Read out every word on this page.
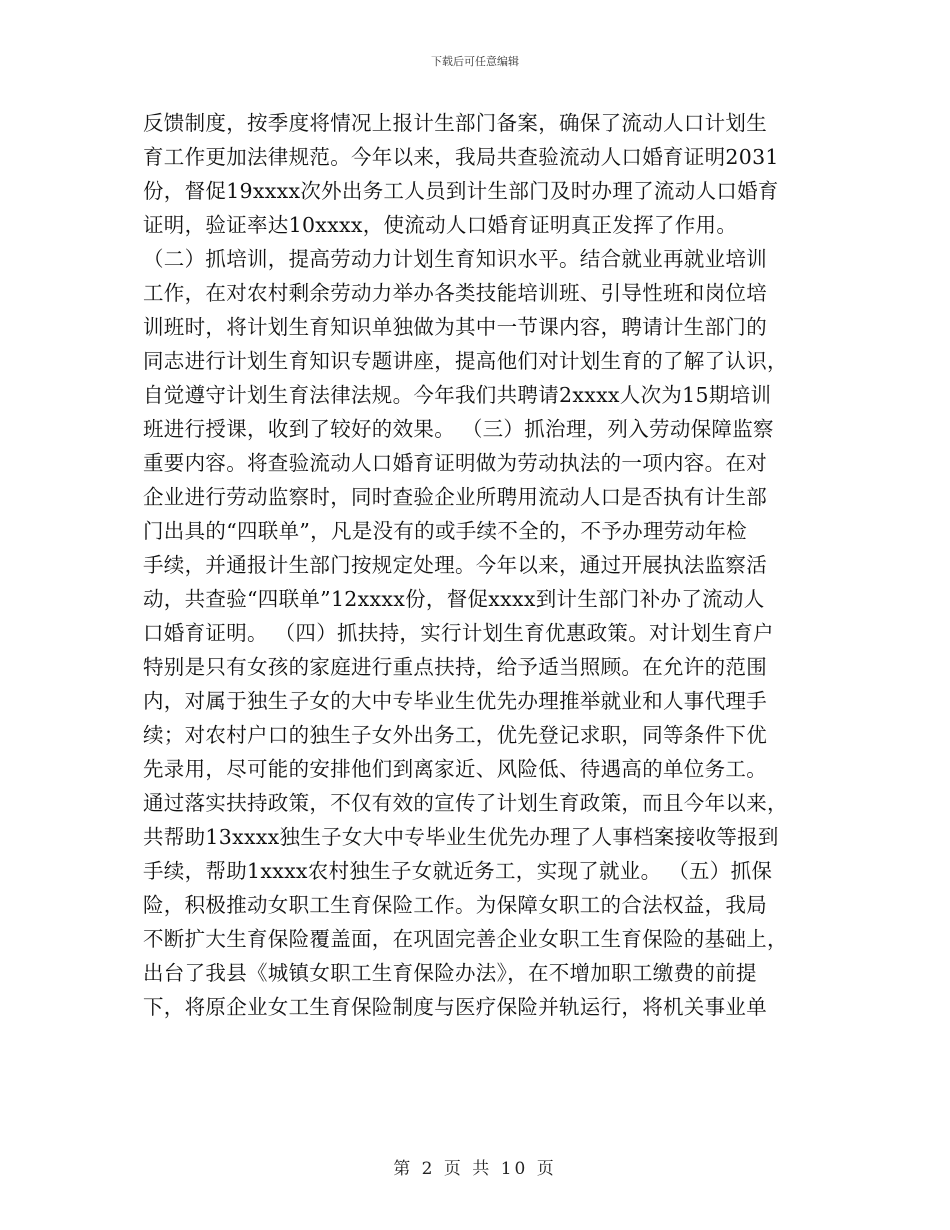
下载后可任意编辑
反馈制度，按季度将情况上报计生部门备案，确保了流动人口计划生
育工作更加法律规范。今年以来，我局共查验流动人口婚育证明2031
份，督促19xxxx次外出务工人员到计生部门及时办理了流动人口婚育
证明，验证率达10xxxx，使流动人口婚育证明真正发挥了作用。
（二）抓培训，提高劳动力计划生育知识水平。结合就业再就业培训
工作，在对农村剩余劳动力举办各类技能培训班、引导性班和岗位培
训班时，将计划生育知识单独做为其中一节课内容，聘请计生部门的
同志进行计划生育知识专题讲座，提高他们对计划生育的了解了认识，
自觉遵守计划生育法律法规。今年我们共聘请2xxxx人次为15期培训
班进行授课，收到了较好的效果。 （三）抓治理，列入劳动保障监察
重要内容。将查验流动人口婚育证明做为劳动执法的一项内容。在对
企业进行劳动监察时，同时查验企业所聘用流动人口是否执有计生部
门出具的“四联单”，凡是没有的或手续不全的，不予办理劳动年检
手续，并通报计生部门按规定处理。今年以来，通过开展执法监察活
动，共查验“四联单”12xxxx份，督促xxxx到计生部门补办了流动人
口婚育证明。 （四）抓扶持，实行计划生育优惠政策。对计划生育户
特别是只有女孩的家庭进行重点扶持，给予适当照顾。在允许的范围
内，对属于独生子女的大中专毕业生优先办理推举就业和人事代理手
续；对农村户口的独生子女外出务工，优先登记求职，同等条件下优
先录用，尽可能的安排他们到离家近、风险低、待遇高的单位务工。
通过落实扶持政策，不仅有效的宣传了计划生育政策，而且今年以来，
共帮助13xxxx独生子女大中专毕业生优先办理了人事档案接收等报到
手续，帮助1xxxx农村独生子女就近务工，实现了就业。 （五）抓保
险，积极推动女职工生育保险工作。为保障女职工的合法权益，我局
不断扩大生育保险覆盖面，在巩固完善企业女职工生育保险的基础上，
出台了我县《城镇女职工生育保险办法》，在不增加职工缴费的前提
下，将原企业女工生育保险制度与医疗保险并轨运行，将机关事业单
第 2 页 共 10 页
